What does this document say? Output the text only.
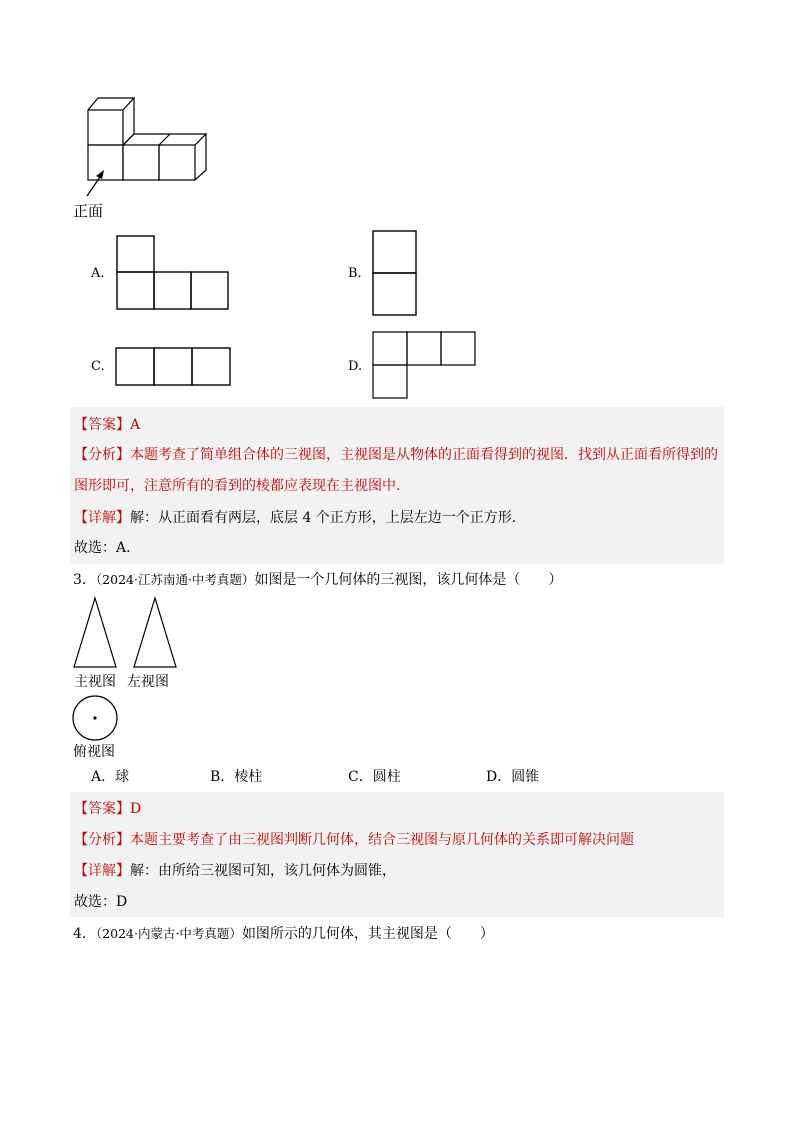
正面
A.	B.
C.	D.
【答案】A
【分析】本题考查了简单组合体的三视图，主视图是从物体的正面看得到的视图．找到从正面看所得到的
图形即可，注意所有的看到的棱都应表现在主视图中．
【详解】解：从正面看有两层，底层 4 个正方形，上层左边一个正方形．
故选：A．
3．（2024·江苏南通·中考真题）如图是一个几何体的三视图，该几何体是（　　）
主视图 左视图
俯视图
A．球	B．棱柱	C．圆柱	D．圆锥
【答案】D
【分析】本题主要考查了由三视图判断几何体，结合三视图与原几何体的关系即可解决问题
【详解】解：由所给三视图可知，该几何体为圆锥，
故选：D
4．（2024·内蒙古·中考真题）如图所示的几何体，其主视图是（　　）
